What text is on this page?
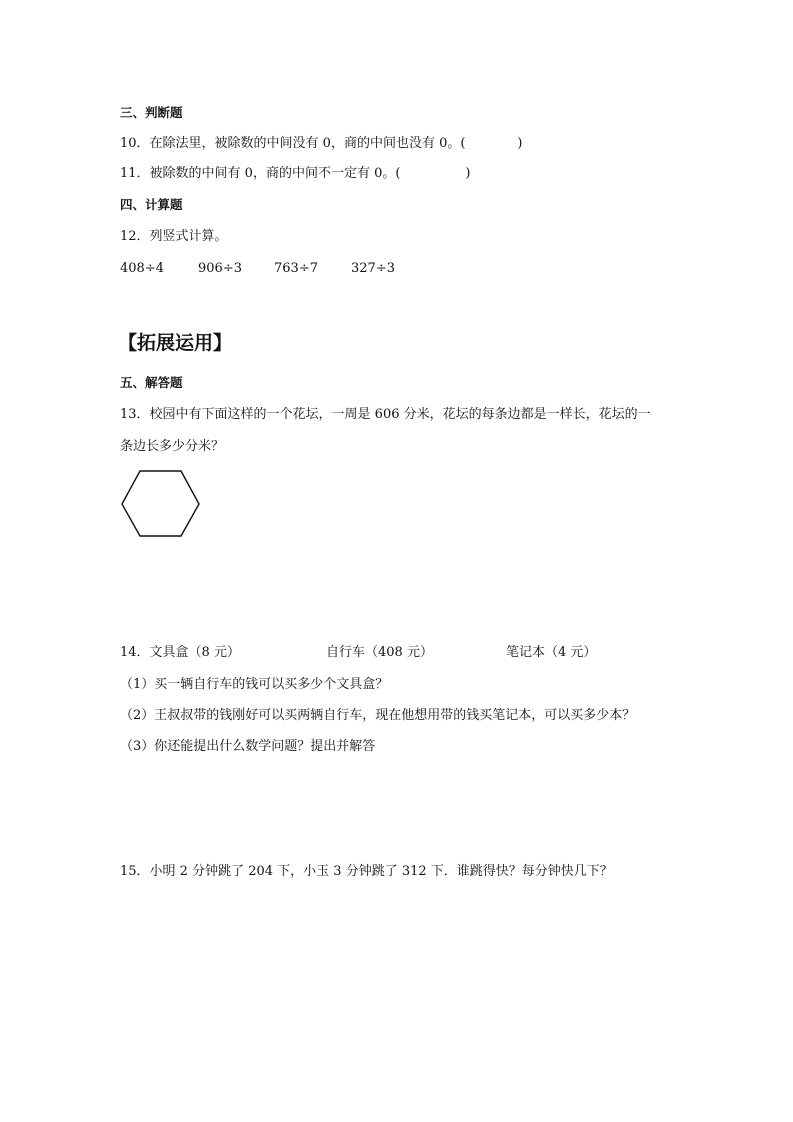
三、判断题
10．在除法里，被除数的中间没有 0，商的中间也没有 0。(　　　　)
11．被除数的中间有 0，商的中间不一定有 0。(　　　　　)
四、计算题
12．列竖式计算。

408÷4

	906÷3

763÷7

	327÷3

【拓展运用】
五、解答题
13．校园中有下面这样的一个花坛，一周是 606 分米，花坛的每条边都是一样长，花坛的一
条边长多少分米？

14．文具盒（8 元）

	自行车（408 元）

	笔记本（4 元）

（1）买一辆自行车的钱可以买多少个文具盒？
（2）王叔叔带的钱刚好可以买两辆自行车，现在他想用带的钱买笔记本，可以买多少本？
（3）你还能提出什么数学问题？提出并解答
15．小明 2 分钟跳了 204 下，小玉 3 分钟跳了 312 下．谁跳得快？每分钟快几下？
